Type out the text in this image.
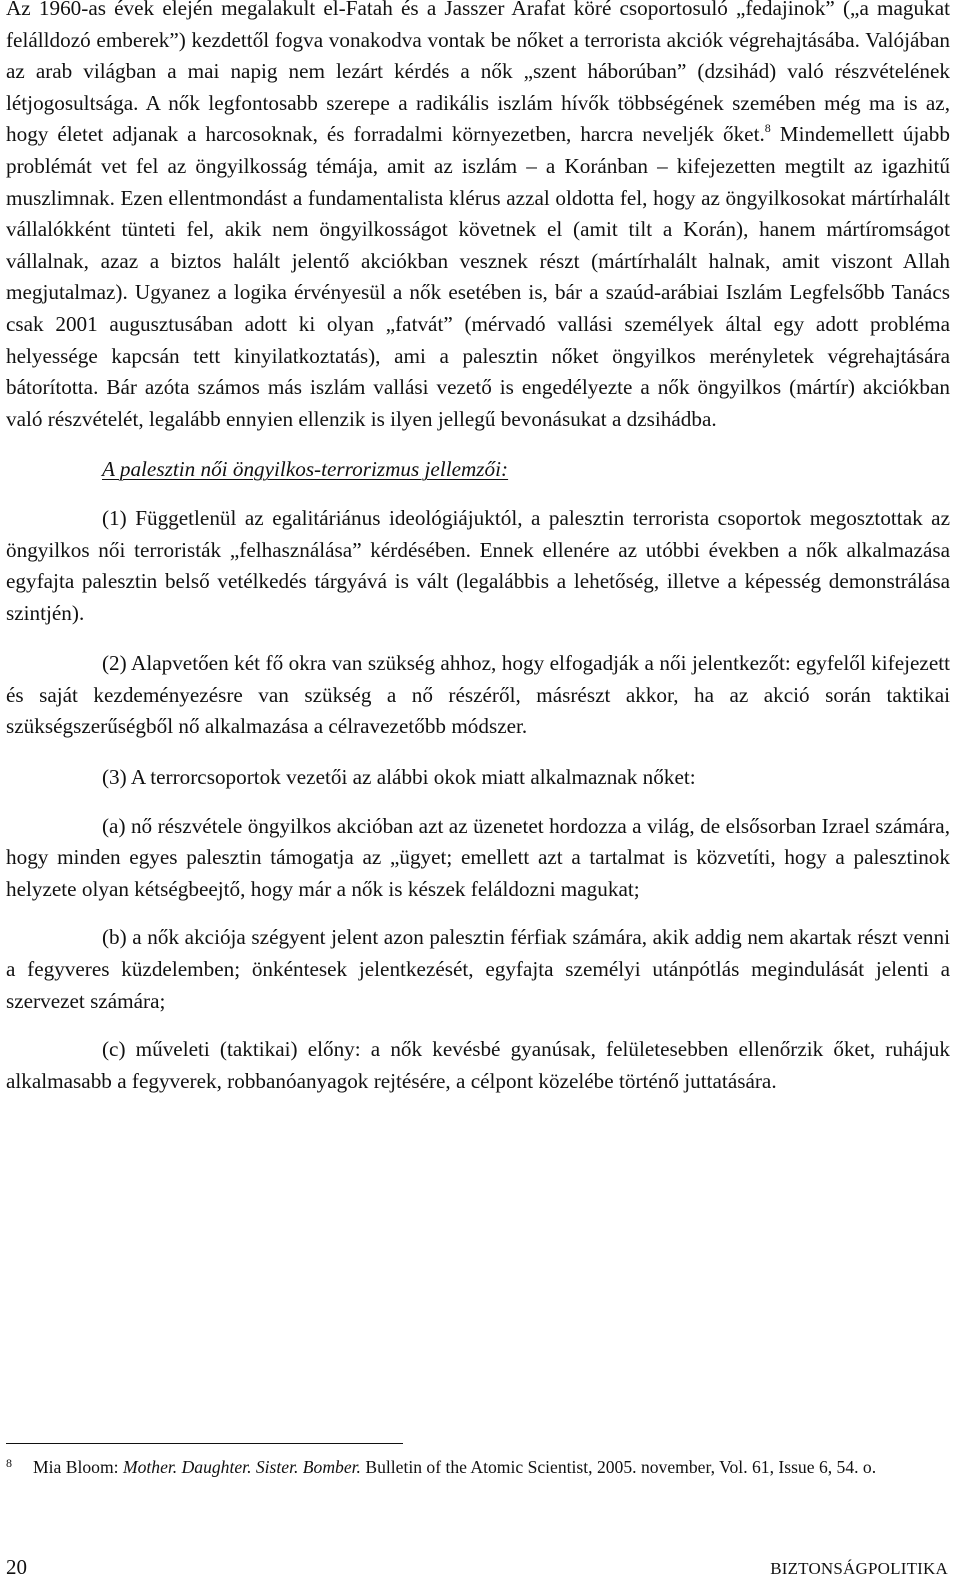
Az 1960-as évek elején megalakult el-Fatah és a Jasszer Arafat köré csoportosuló „fedajinok” („a magukat felálldozó emberek”) kezdettől fogva vonakodva vontak be nőket a terrorista akciók végrehajtásába. Valójában az arab világban a mai napig nem lezárt kérdés a nők „szent háborúban” (dzsihád) való részvételének létjogosultsága. A nők legfontosabb szerepe a radikális iszlám hívők többségének szemében még ma is az, hogy életet adjanak a harcosoknak, és forradalmi környezetben, harcra neveljék őket.$^8$ Mindemellett újabb problémát vet fel az öngyilkosság témája, amit az iszlám – a Koránban – kifejezetten megtilt az igazhitű muszlimnak. Ezen ellentmondást a fundamentalista klérus azzal oldotta fel, hogy az öngyilkosokat mártírhalált vállalókként tünteti fel, akik nem öngyilkosságot követnek el (amit tilt a Korán), hanem mártíromságot vállalnak, azaz a biztos halált jelentő akciókban vesznek részt (mártírhalált halnak, amit viszont Allah megjutalmaz). Ugyanez a logika érvényesül a nők esetében is, bár a szaúd-arábiai Iszlám Legfelsőbb Tanács csak 2001 augusztusában adott ki olyan „fatvát” (mérvadó vallási személyek által egy adott probléma helyessége kapcsán tett kinyilatkoztatás), ami a palesztin nőket öngyilkos merényletek végrehajtására bátorította. Bár azóta számos más iszlám vallási vezető is engedélyezte a nők öngyilkos (mártír) akciókban való részvételét, legalább ennyien ellenzik is ilyen jellegű bevonásukat a dzsihádba.

A palesztin női öngyilkos-terrorizmus jellemzői:

(1) Függetlenül az egalitáriánus ideológiájuktól, a palesztin terrorista csoportok megosztottak az öngyilkos női terroristák „felhasználása” kérdésében. Ennek ellenére az utóbbi években a nők alkalmazása egyfajta palesztin belső vetélkedés tárgyává is vált (legalábbis a lehetőség, illetve a képesség demonstrálása szintjén).

(2) Alapvetően két fő okra van szükség ahhoz, hogy elfogadják a női jelentkezőt: egyfelől kifejezett és saját kezdeményezésre van szükség a nő részéről, másrészt akkor, ha az akció során taktikai szükségszerűségből nő alkalmazása a célravezetőbb módszer.

(3) A terrorcsoportok vezetői az alábbi okok miatt alkalmaznak nőket:

(a) nő részvétele öngyilkos akcióban azt az üzenetet hordozza a világ, de elsősorban Izrael számára, hogy minden egyes palesztin támogatja az „ügyet; emellett azt a tartalmat is közvetíti, hogy a palesztinok helyzete olyan kétségbeejtő, hogy már a nők is készek feláldozni magukat;

(b) a nők akciója szégyent jelent azon palesztin férfiak számára, akik addig nem akartak részt venni a fegyveres küzdelemben; önkéntesek jelentkezését, egyfajta személyi utánpótlás megindulását jelenti a szervezet számára;

(c) műveleti (taktikai) előny: a nők kevésbé gyanúsak, felületesebben ellenőrzik őket, ruhájuk alkalmasabb a fegyverek, robbanóanyagok rejtésére, a célpont közelébe történő juttatására.

8	Mia Bloom: Mother. Daughter. Sister. Bomber. Bulletin of the Atomic Scientist, 2005. november, Vol. 61, Issue 6, 54. o.
20	BIZTONSÁGPOLITIKA
